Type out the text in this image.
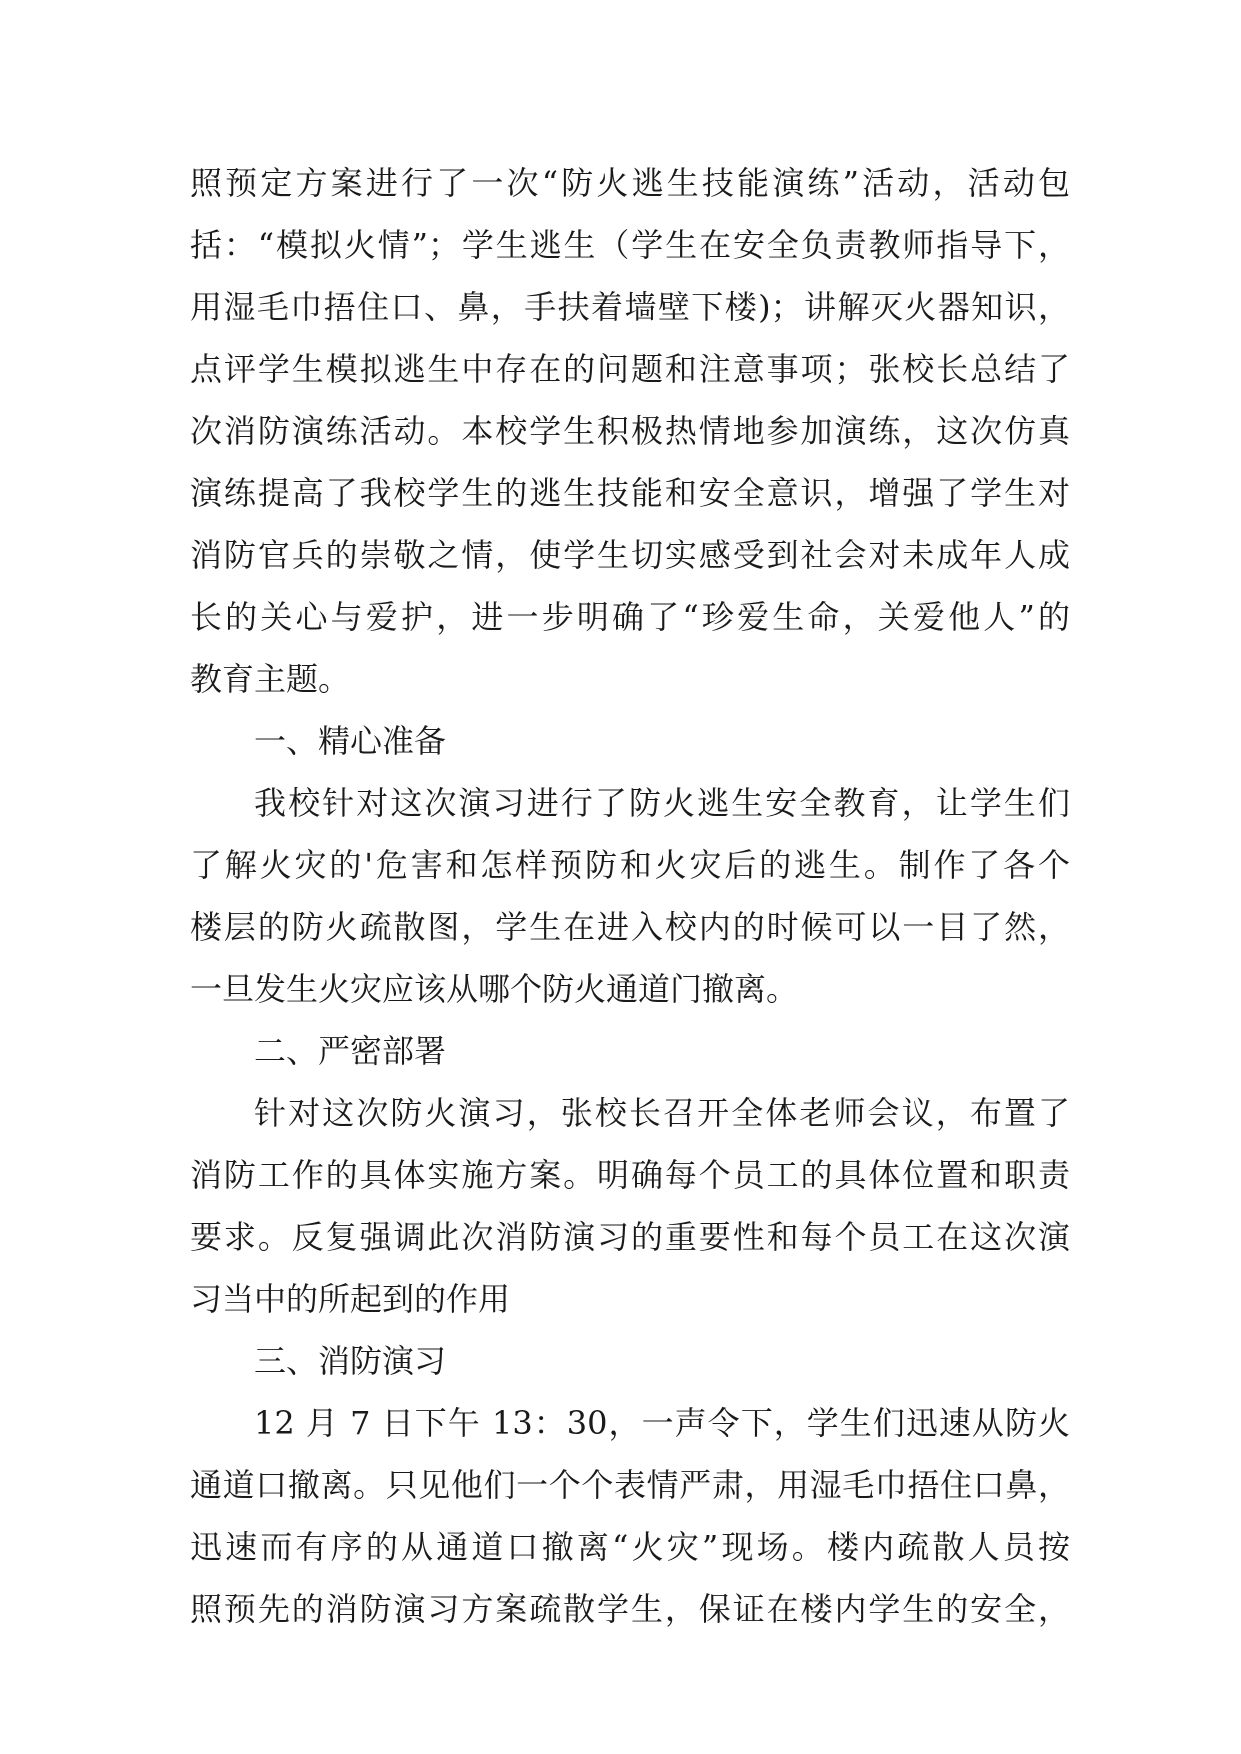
照预定方案进行了一次“防火逃生技能演练”活动，活动包
括：“模拟火情”；学生逃生（学生在安全负责教师指导下，
用湿毛巾捂住口、鼻，手扶着墙壁下楼)；讲解灭火器知识，
点评学生模拟逃生中存在的问题和注意事项；张校长总结了
次消防演练活动。本校学生积极热情地参加演练，这次仿真
演练提高了我校学生的逃生技能和安全意识，增强了学生对
消防官兵的崇敬之情，使学生切实感受到社会对未成年人成
长的关心与爱护，进一步明确了“珍爱生命，关爱他人”的
教育主题。
一、精心准备
我校针对这次演习进行了防火逃生安全教育，让学生们
了解火灾的'危害和怎样预防和火灾后的逃生。制作了各个
楼层的防火疏散图，学生在进入校内的时候可以一目了然，
一旦发生火灾应该从哪个防火通道门撤离。
二、严密部署
针对这次防火演习，张校长召开全体老师会议，布置了
消防工作的具体实施方案。明确每个员工的具体位置和职责
要求。反复强调此次消防演习的重要性和每个员工在这次演
习当中的所起到的作用
三、消防演习
12 月 7 日下午 13：30，一声令下，学生们迅速从防火
通道口撤离。只见他们一个个表情严肃，用湿毛巾捂住口鼻，
迅速而有序的从通道口撤离“火灾”现场。楼内疏散人员按
照预先的消防演习方案疏散学生，保证在楼内学生的安全，
